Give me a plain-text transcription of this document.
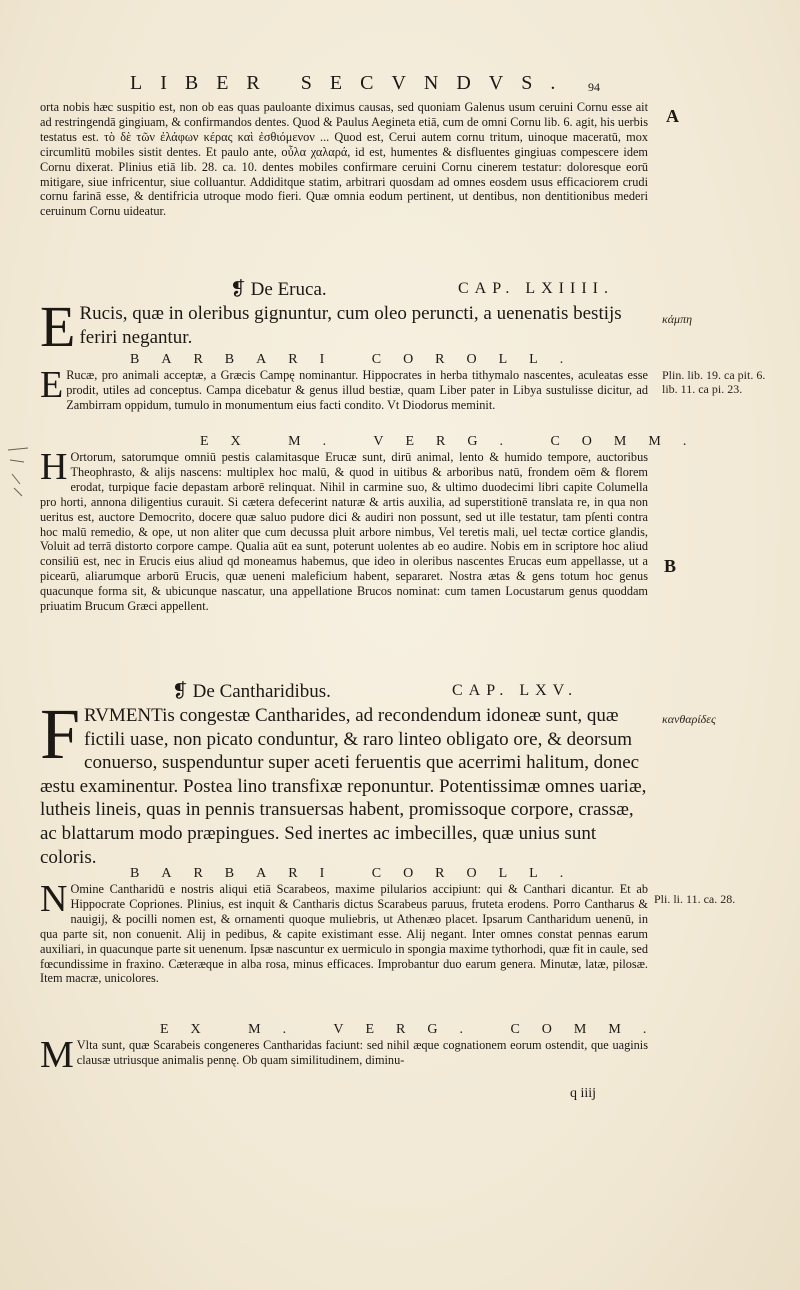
LIBER SECVNDVS. 94

orta nobis hæc suspitio est, non ob eas quas pauloante diximus causas, sed quoniam Galenus usum ceruini Cornu esse ait ad restringendā gingiuam, & confirmandos dentes. Quod & Paulus Aegineta etiā, cum de omni Cornu lib. 6. agit, his uerbis testatus est. τὸ δὲ τῶν ἐλάφων κέρας καὶ ἐσθιόμενον ... Quod est, Cerui autem cornu tritum, uinoque maceratū, mox circumlitū mobiles sistit dentes. Et paulo ante, οὖλα χαλαρά, id est, humentes & disfluentes gingiuas compescere idem Cornu dixerat. Plinius etiā lib. 28. ca. 10. dentes mobiles confirmare ceruini Cornu cinerem testatur: doloresque eorū mitigare, siue infricentur, siue colluantur. Addiditque statim, arbitrari quosdam ad omnes eosdem usus efficaciorem crudi cornu farinā esse, & dentifricia utroque modo fieri. Quæ omnia eodum pertinent, ut dentibus, non dentitionibus mederi ceruinum Cornu uideatur.

❡ De Eruca.	CAP. LXIIII.
E Rucis, quæ in oleribus gignuntur, cum oleo peruncti, a uenenatis bestijs feriri negantur.

BARBARI COROLL.
E Rucæ, pro animali acceptæ, a Græcis Campę nominantur. Hippocrates in herba tithymalo nascentes, aculeatas esse prodit, utiles ad conceptus. Campa dicebatur & genus illud bestiæ, quam Liber pater in Libya sustulisse dicitur, ad Zambirram oppidum, tumulo in monumentum eius facti condito. Vt Diodorus meminit.

EX M. VERG. COMM.
H Ortorum, satorumque omniū pestis calamitasque Erucæ sunt, dirū animal, lento & humido tempore, auctoribus Theophrasto, & alijs nascens: multiplex hoc malū, & quod in uitibus & arboribus natū, frondem oēm & florem erodat, turpique facie depastam arborē relinquat. Nihil in carmine suo, & ultimo duodecimi libri capite Columella pro horti, annona diligentius curauit. Si cætera defecerint naturæ & artis auxilia, ad superstitionē translata re, in qua non ueritus est, auctore Democrito, docere quæ saluo pudore dici & audiri non possunt, sed ut ille testatur, tam pſenti contra hoc malū remedio, & ope, ut non aliter que cum decussa pluit arbore nimbus, Vel teretis mali, uel tectæ cortice glandis, Voluit ad terrā distorto corpore campe. Qualia aūt ea sunt, poterunt uolentes ab eo audire. Nobis em in scriptore hoc aliud consiliū est, nec in Erucis eius aliud qd moneamus habemus, que ideo in oleribus nascentes Erucas eum appellasse, ut a picearū, aliarumque arborū Erucis, quæ ueneni maleficium habent, separaret. Nostra ætas & gens totum hoc genus quacunque forma sit, & ubicunque nascatur, una appellatione Brucos nominat: cum tamen Locustarum genus quoddam priuatim Brucum Græci appellent.

❡ De Cantharidibus.	CAP. LXV.
F RVMENTis congestæ Cantharides, ad recondendum idoneæ sunt, quæ fictili uase, non picato conduntur, & raro linteo obligato ore, & deorsum conuerso, suspenduntur super aceti feruentis que acerrimi halitum, donec æstu examinentur. Postea lino transfixæ reponuntur. Potentissimæ omnes uariæ, lutheis lineis, quas in pennis transuersas habent, promissoque corpore, crassæ, ac blattarum modo præpingues. Sed inertes ac imbecilles, quæ unius sunt coloris.

BARBARI COROLL.
N Omine Cantharidū e nostris aliqui etiā Scarabeos, maxime pilularios accipiunt: qui & Canthari dicantur. Et ab Hippocrate Copriones. Plinius, est inquit & Cantharis dictus Scarabeus paruus, fruteta erodens. Porro Cantharus & nauigij, & pocilli nomen est, & ornamenti quoque muliebris, ut Athenæo placet. Ipsarum Cantharidum uenenū, in qua parte sit, non conuenit. Alij in pedibus, & capite existimant esse. Alij negant. Inter omnes constat pennas earum auxiliari, in quacunque parte sit uenenum. Ipsæ nascuntur ex uermiculo in spongia maxime tythorhodi, quæ fit in caule, sed fœcundissime in fraxino. Cæteræque in alba rosa, minus efficaces. Improbantur duo earum genera. Minutæ, latæ, pilosæ. Item macræ, unicolores.

EX M. VERG. COMM.
M Vlta sunt, quæ Scarabeis congeneres Cantharidas faciunt: sed nihil æque cognationem eorum ostendit, que uaginis clausæ utriusque animalis pennę. Ob quam similitudinem, diminu-

q iiij
A
κάμπη
Plin. lib. 19. ca pit. 6. lib. 11. ca pi. 23.
B
κανθαρίδες
Pli. li. 11. ca. 28.
